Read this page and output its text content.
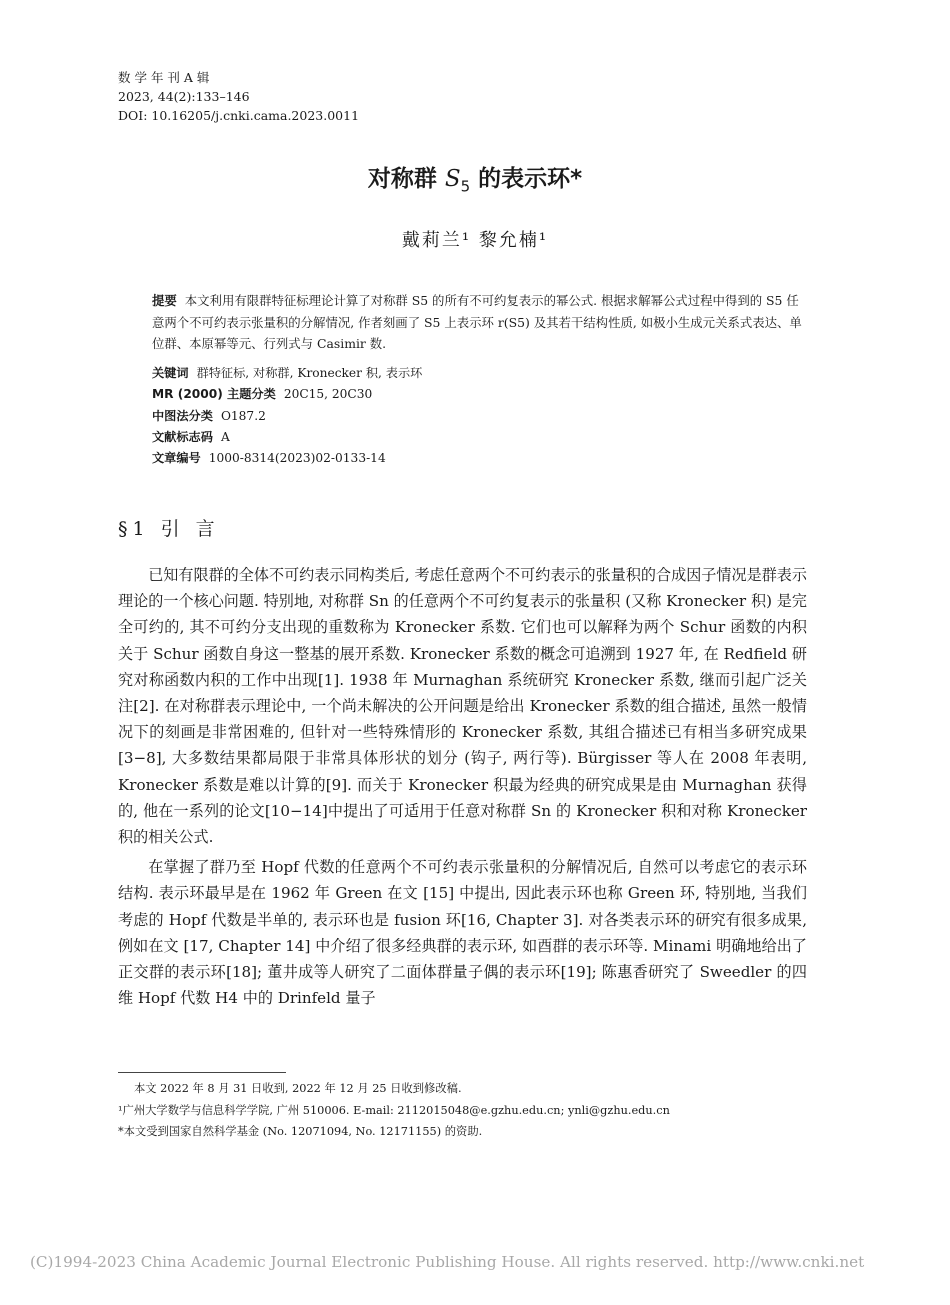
数 学 年 刊 A 辑
2023, 44(2):133–146
DOI: 10.16205/j.cnki.cama.2023.0011
对称群 $S_5$ 的表示环*
戴莉兰¹ 黎允楠¹
提要 本文利用有限群特征标理论计算了对称群 S5 的所有不可约复表示的幂公式. 根据求解幂公式过程中得到的 S5 任意两个不可约表示张量积的分解情况, 作者刻画了 S5 上表示环 r(S5) 及其若干结构性质, 如极小生成元关系式表达、单位群、本原幂等元、行列式与 Casimir 数.
关键词 群特征标, 对称群, Kronecker 积, 表示环
MR (2000) 主题分类 20C15, 20C30
中图法分类 O187.2
文献标志码 A
文章编号 1000-8314(2023)02-0133-14
§1 引 言

已知有限群的全体不可约表示同构类后, 考虑任意两个不可约表示的张量积的合成因子情况是群表示理论的一个核心问题. 特别地, 对称群 Sn 的任意两个不可约复表示的张量积 (又称 Kronecker 积) 是完全可约的, 其不可约分支出现的重数称为 Kronecker 系数. 它们也可以解释为两个 Schur 函数的内积关于 Schur 函数自身这一整基的展开系数. Kronecker 系数的概念可追溯到 1927 年, 在 Redfield 研究对称函数内积的工作中出现[1]. 1938 年 Murnaghan 系统研究 Kronecker 系数, 继而引起广泛关注[2]. 在对称群表示理论中, 一个尚未解决的公开问题是给出 Kronecker 系数的组合描述, 虽然一般情况下的刻画是非常困难的, 但针对一些特殊情形的 Kronecker 系数, 其组合描述已有相当多研究成果[3−8], 大多数结果都局限于非常具体形状的划分 (钩子, 两行等). Bürgisser 等人在 2008 年表明, Kronecker 系数是难以计算的[9]. 而关于 Kronecker 积最为经典的研究成果是由 Murnaghan 获得的, 他在一系列的论文[10−14]中提出了可适用于任意对称群 Sn 的 Kronecker 积和对称 Kronecker 积的相关公式.

在掌握了群乃至 Hopf 代数的任意两个不可约表示张量积的分解情况后, 自然可以考虑它的表示环结构. 表示环最早是在 1962 年 Green 在文 [15] 中提出, 因此表示环也称 Green 环, 特别地, 当我们考虑的 Hopf 代数是半单的, 表示环也是 fusion 环[16, Chapter 3]. 对各类表示环的研究有很多成果, 例如在文 [17, Chapter 14] 中介绍了很多经典群的表示环, 如酉群的表示环等. Minami 明确地给出了正交群的表示环[18]; 董井成等人研究了二面体群量子偶的表示环[19]; 陈惠香研究了 Sweedler 的四维 Hopf 代数 H4 中的 Drinfeld 量子

本文 2022 年 8 月 31 日收到, 2022 年 12 月 25 日收到修改稿.
¹广州大学数学与信息科学学院, 广州 510006. E-mail: 2112015048@e.gzhu.edu.cn; ynli@gzhu.edu.cn
*本文受到国家自然科学基金 (No. 12071094, No. 12171155) 的资助.
(C)1994-2023 China Academic Journal Electronic Publishing House. All rights reserved. http://www.cnki.net
